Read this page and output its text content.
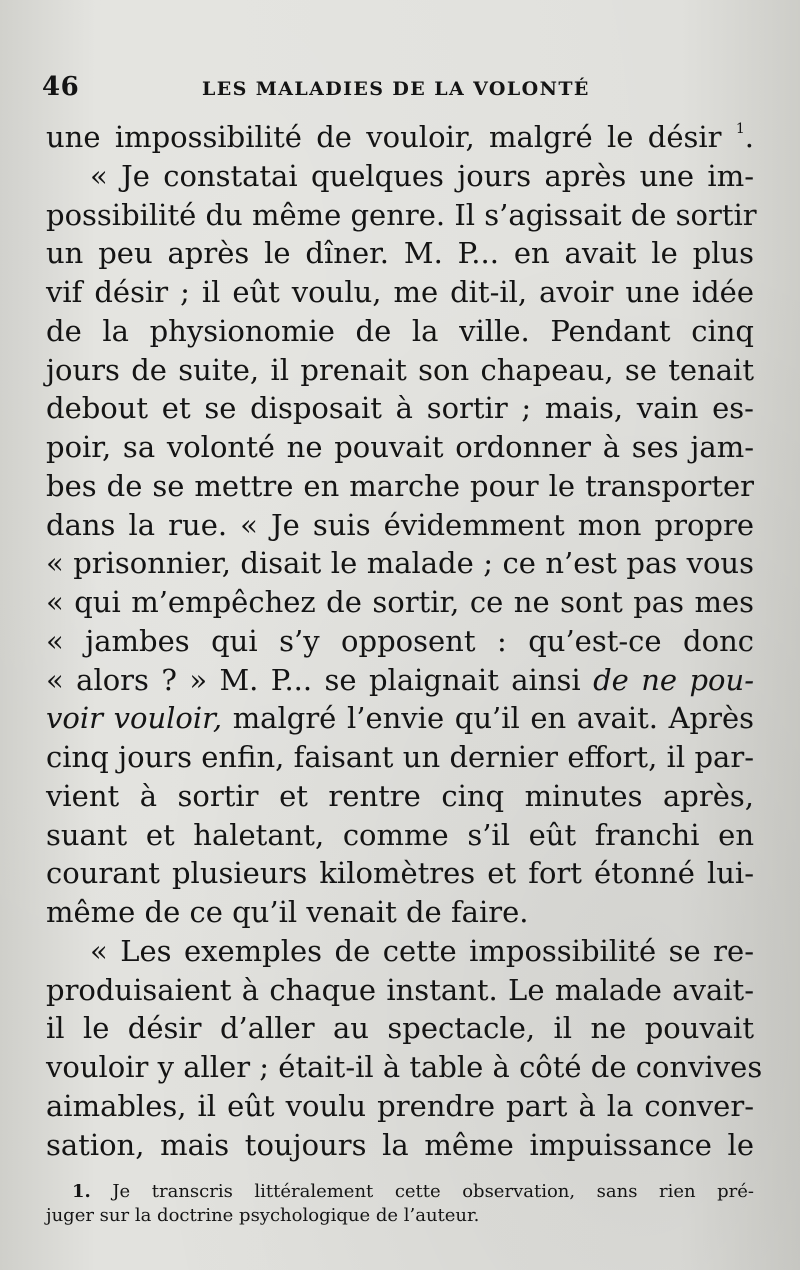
46	LES MALADIES DE LA VOLONTÉ
une impossibilité de vouloir, malgré le désir $^1$.
« Je constatai quelques jours après une im-
possibilité du même genre. Il s’agissait de sortir
un peu après le dîner. M. P... en avait le plus
vif désir ; il eût voulu, me dit-il, avoir une idée
de la physionomie de la ville. Pendant cinq
jours de suite, il prenait son chapeau, se tenait
debout et se disposait à sortir ; mais, vain es-
poir, sa volonté ne pouvait ordonner à ses jam-
bes de se mettre en marche pour le transporter
dans la rue. « Je suis évidemment mon propre
« prisonnier, disait le malade ; ce n’est pas vous
« qui m’empêchez de sortir, ce ne sont pas mes
« jambes qui s’y opposent : qu’est-ce donc
« alors ? » M. P... se plaignait ainsi de ne pou-
voir vouloir, malgré l’envie qu’il en avait. Après
cinq jours enfin, faisant un dernier effort, il par-
vient à sortir et rentre cinq minutes après,
suant et haletant, comme s’il eût franchi en
courant plusieurs kilomètres et fort étonné lui-
même de ce qu’il venait de faire.
« Les exemples de cette impossibilité se re-
produisaient à chaque instant. Le malade avait-
il le désir d’aller au spectacle, il ne pouvait
vouloir y aller ; était-il à table à côté de convives
aimables, il eût voulu prendre part à la conver-
sation, mais toujours la même impuissance le
1. Je transcris littéralement cette observation, sans rien pré-
juger sur la doctrine psychologique de l’auteur.
